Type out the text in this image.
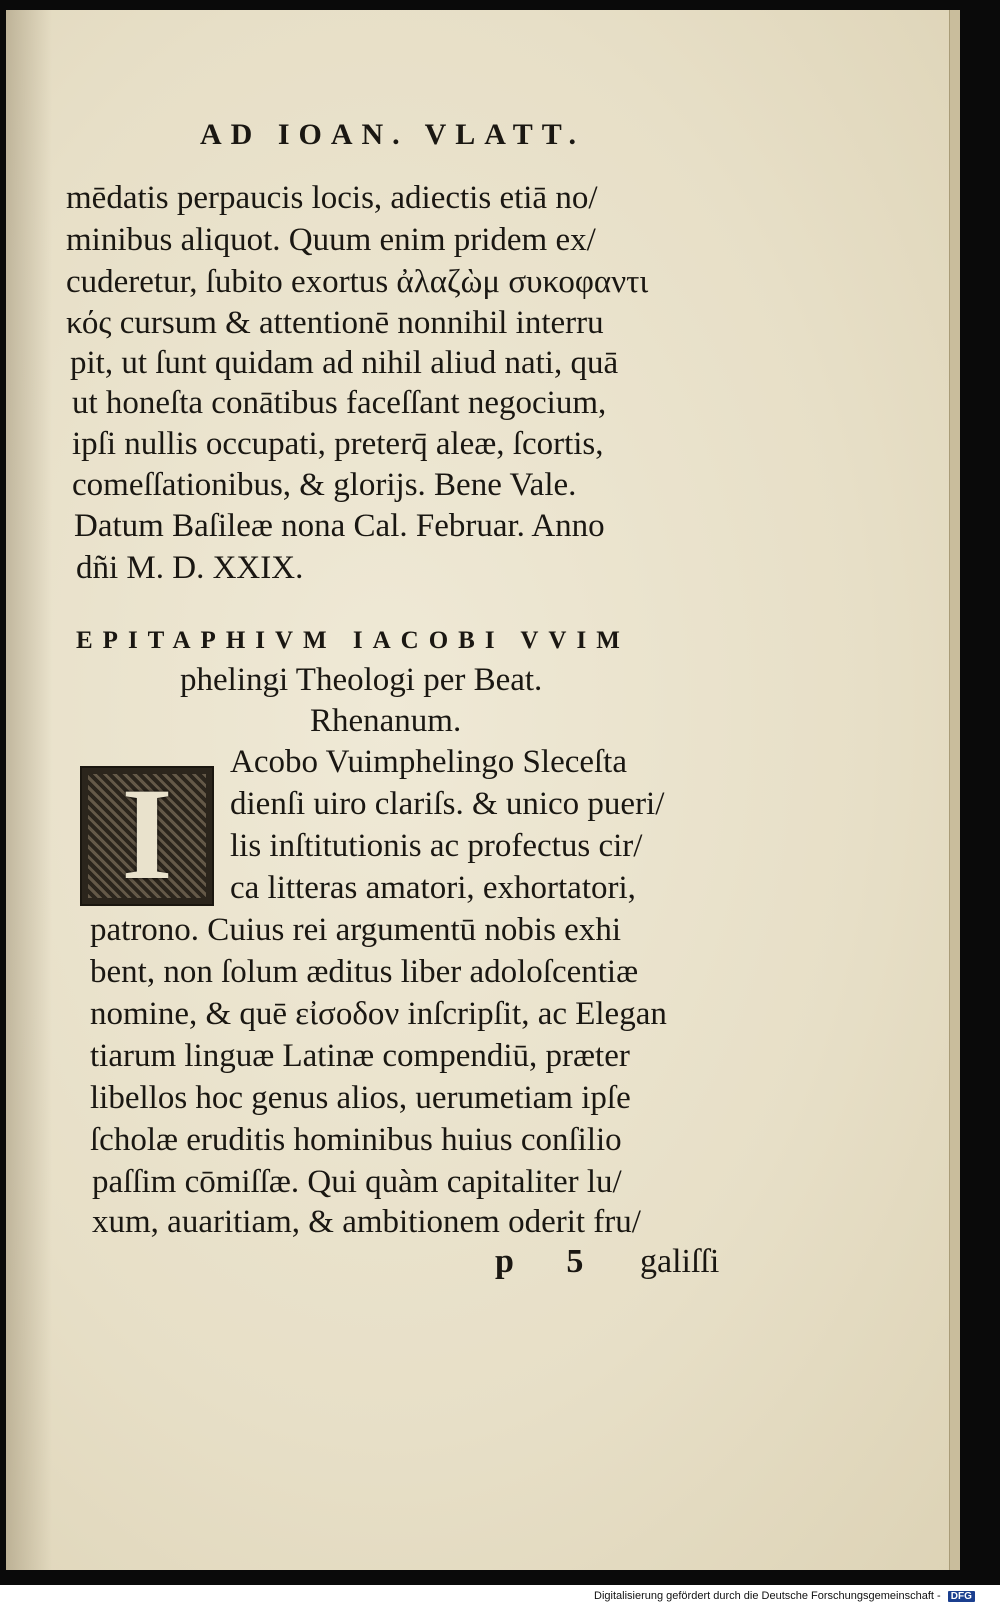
AD IOAN. VLATT.
mēdatis perpaucis locis, adiectis etiā no/
minibus aliquot. Quum enim pridem ex/
cuderetur, ſubito exortus ἀλαζὼμ συκοφαντι
κός cursum & attentionē nonnihil interru
pit, ut ſunt quidam ad nihil aliud nati, quā
ut honeſta conātibus faceſſant negocium,
ipſi nullis occupati, preterq̄ aleæ, ſcortis,
comeſſationibus, & glorijs. Bene Vale.
Datum Baſileæ nona Cal. Februar. Anno
dñi M. D. XXIX.
EPITAPHIVM IACOBI VVIM
phelingi Theologi per Beat.
Rhenanum.
I	Acobo Vuimphelingo Sleceſta
dienſi uiro clariſs. & unico pueri/
lis inſtitutionis ac profectus cir/
ca litteras amatori, exhortatori,
patrono. Cuius rei argumentū nobis exhi
bent, non ſolum æditus liber adoloſcentiæ
nomine, & quē εἰσοδον inſcripſit, ac Elegan
tiarum linguæ Latinæ compendiū, præter
libellos hoc genus alios, uerumetiam ipſe
ſcholæ eruditis hominibus huius conſilio
paſſim cōmiſſæ. Qui quàm capitaliter lu/
xum, auaritiam, & ambitionem oderit fru/
p 5 galiſſi
Digitalisierung gefördert durch die Deutsche Forschungsgemeinschaft - DFG
